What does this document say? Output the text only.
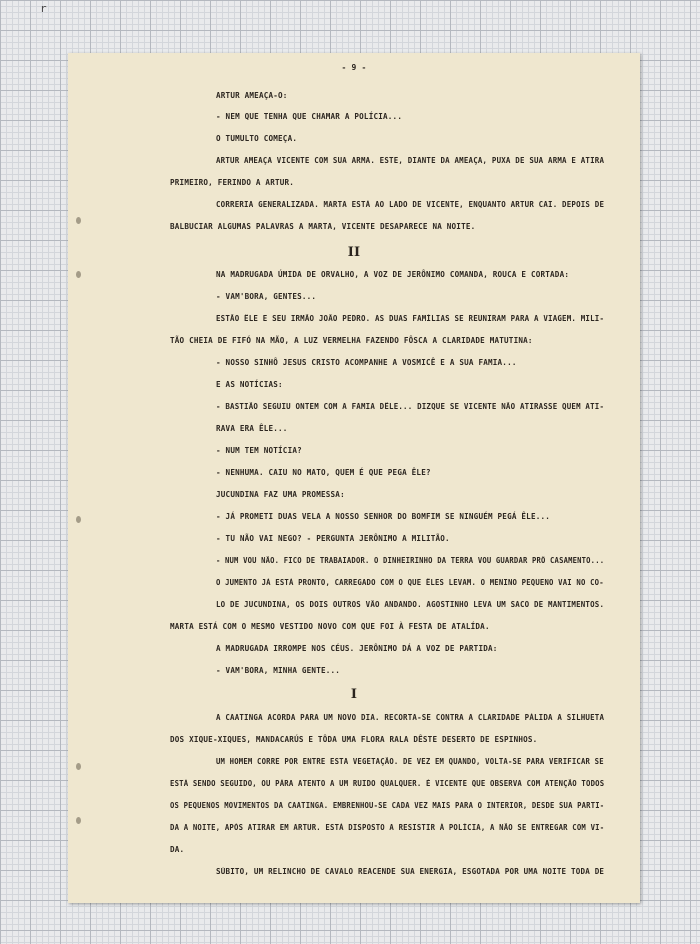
r
- 9 -
ARTUR AMEAÇA-O:
- NEM QUE TENHA QUE CHAMAR A POLÍCIA...
O TUMULTO COMEÇA.
ARTUR AMEAÇA VICENTE COM SUA ARMA. ESTE, DIANTE DA AMEAÇA, PUXA DE SUA ARMA E ATIRA
PRIMEIRO, FERINDO A ARTUR.
CORRERIA GENERALIZADA. MARTA ESTÁ AO LADO DE VICENTE, ENQUANTO ARTUR CAI. DEPOIS DE
BALBUCIAR ALGUMAS PALAVRAS A MARTA, VICENTE DESAPARECE NA NOITE.
II
NA MADRUGADA ÚMIDA DE ORVALHO, A VOZ DE JERÔNIMO COMANDA, ROUCA E CORTADA:
- VAM'BORA, GENTES...
ESTÃO ÊLE E SEU IRMÃO JOÃO PEDRO. AS DUAS FAMÍLIAS SE REUNIRAM PARA A VIAGEM. MILI-
TÃO CHEIA DE FIFÓ NA MÃO, A LUZ VERMELHA FAZENDO FÔSCA A CLARIDADE MATUTINA:
- NOSSO SINHÔ JESUS CRISTO ACOMPANHE A VOSMICÊ E A SUA FAMIA...
E AS NOTÍCIAS:
- BASTIÃO SEGUIU ONTEM COM A FAMIA DÊLE... DIZQUE SE VICENTE NÃO ATIRASSE QUEM ATI-
RAVA ERA ÊLE...
- NUM TEM NOTÍCIA?
- NENHUMA. CAIU NO MATO, QUEM É QUE PEGA ÊLE?
JUCUNDINA FAZ UMA PROMESSA:
- JÁ PROMETI DUAS VELA A NOSSO SENHOR DO BOMFIM SE NINGUÉM PEGÁ ÊLE...
- TU NÃO VAI NEGO? - PERGUNTA JERÔNIMO A MILITÃO.
- NUM VOU NÃO. FICO DE TRABAIADOR. O DINHEIRINHO DA TERRA VOU GUARDAR PRÔ CASAMENTO...
O JUMENTO JÁ ESTÁ PRONTO, CARREGADO COM O QUE ÊLES LEVAM. O MENINO PEQUENO VAI NO CO-
LO DE JUCUNDINA, OS DOIS OUTROS VÃO ANDANDO. AGOSTINHO LEVA UM SACO DE MANTIMENTOS.
MARTA ESTÁ COM O MESMO VESTIDO NOVO COM QUE FOI À FESTA DE ATALÍDA.
A MADRUGADA IRROMPE NOS CÉUS. JERÔNIMO DÁ A VOZ DE PARTIDA:
- VAM'BORA, MINHA GENTE...
I
A CAATINGA ACORDA PARA UM NOVO DIA. RECORTA-SE CONTRA A CLARIDADE PÁLIDA A SILHUETA
DOS XIQUE-XIQUES, MANDACARÚS E TÔDA UMA FLORA RALA DÊSTE DESERTO DE ESPINHOS.
UM HOMEM CORRE POR ENTRE ESTA VEGETAÇÃO. DE VEZ EM QUANDO, VOLTA-SE PARA VERIFICAR SE
ESTÁ SENDO SEGUIDO, OU PÁRA ATENTO A UM RUIDO QUALQUER. É VICENTE QUE OBSERVA COM ATENÇÃO TODOS
OS PEQUENOS MOVIMENTOS DA CAATINGA. EMBRENHOU-SE CADA VEZ MAIS PARA O INTERIOR, DESDE SUA PARTI-
DA A NOITE, APÓS ATIRAR EM ARTUR. ESTÁ DISPOSTO A RESISTIR À POLÍCIA, A NÃO SE ENTREGAR COM VI-
DA.
SÚBITO, UM RELINCHO DE CAVALO REACENDE SUA ENERGIA, ESGOTADA POR UMA NOITE TODA DE
